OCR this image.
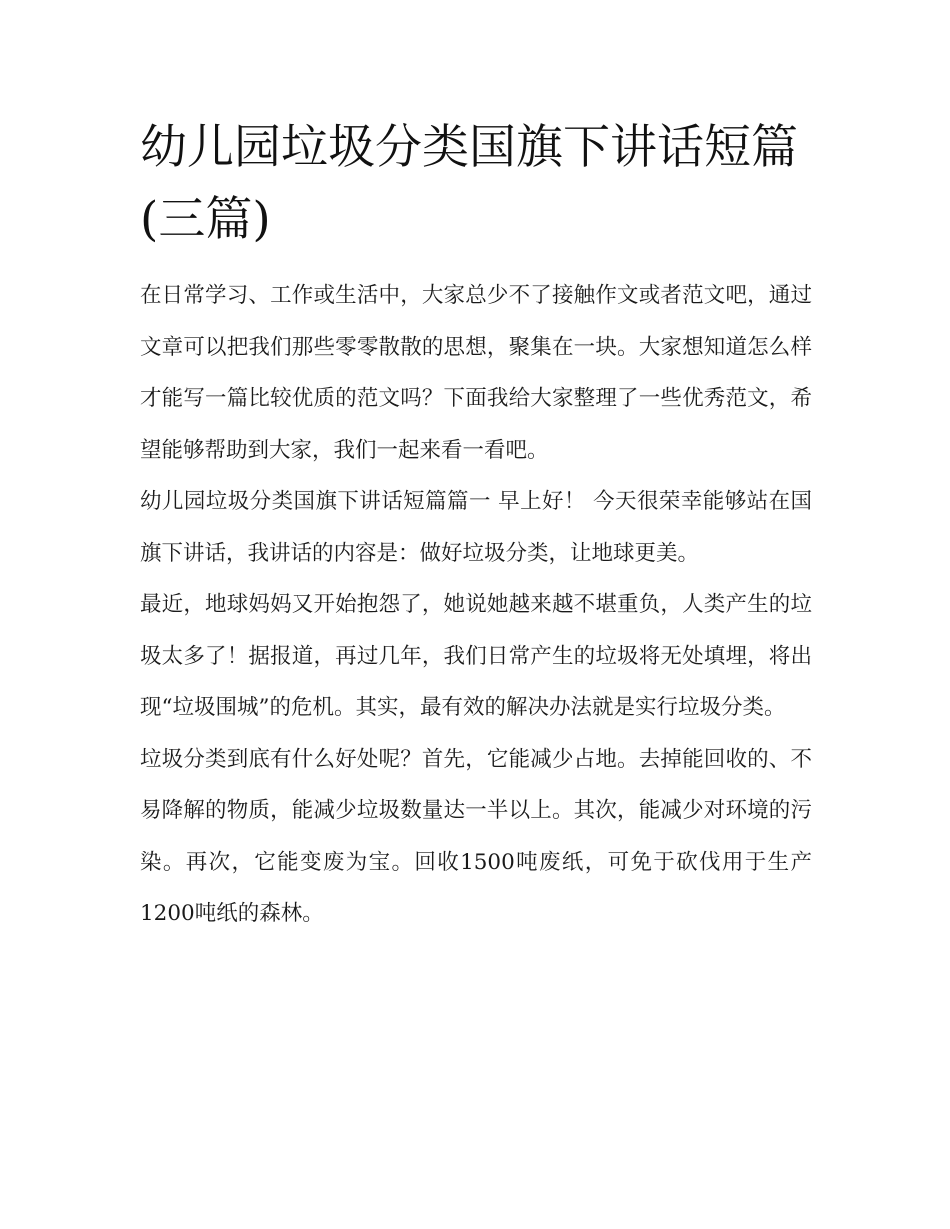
幼儿园垃圾分类国旗下讲话短篇(三篇)

在日常学习、工作或生活中，大家总少不了接触作文或者范文吧，通过文章可以把我们那些零零散散的思想，聚集在一块。大家想知道怎么样才能写一篇比较优质的范文吗？下面我给大家整理了一些优秀范文，希望能够帮助到大家，我们一起来看一看吧。

幼儿园垃圾分类国旗下讲话短篇篇一 早上好！ 今天很荣幸能够站在国旗下讲话，我讲话的内容是：做好垃圾分类，让地球更美。

最近，地球妈妈又开始抱怨了，她说她越来越不堪重负，人类产生的垃圾太多了！据报道，再过几年，我们日常产生的垃圾将无处填埋，将出现“垃圾围城”的危机。其实，最有效的解决办法就是实行垃圾分类。

垃圾分类到底有什么好处呢？首先，它能减少占地。去掉能回收的、不易降解的物质，能减少垃圾数量达一半以上。其次，能减少对环境的污染。再次，它能变废为宝。回收1500吨废纸，可免于砍伐用于生产1200吨纸的森林。
